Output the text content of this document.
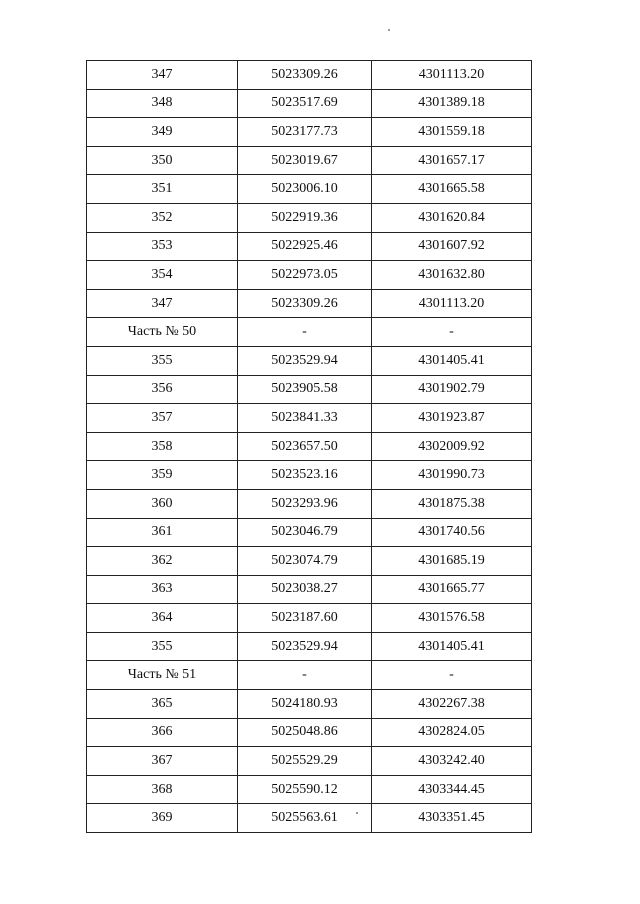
347	5023309.26	4301113.20
348	5023517.69	4301389.18
349	5023177.73	4301559.18
350	5023019.67	4301657.17
351	5023006.10	4301665.58
352	5022919.36	4301620.84
353	5022925.46	4301607.92
354	5022973.05	4301632.80
347	5023309.26	4301113.20
Часть № 50	-	-
355	5023529.94	4301405.41
356	5023905.58	4301902.79
357	5023841.33	4301923.87
358	5023657.50	4302009.92
359	5023523.16	4301990.73
360	5023293.96	4301875.38
361	5023046.79	4301740.56
362	5023074.79	4301685.19
363	5023038.27	4301665.77
364	5023187.60	4301576.58
355	5023529.94	4301405.41
Часть № 51	-	-
365	5024180.93	4302267.38
366	5025048.86	4302824.05
367	5025529.29	4303242.40
368	5025590.12	4303344.45
369	5025563.61	4303351.45
